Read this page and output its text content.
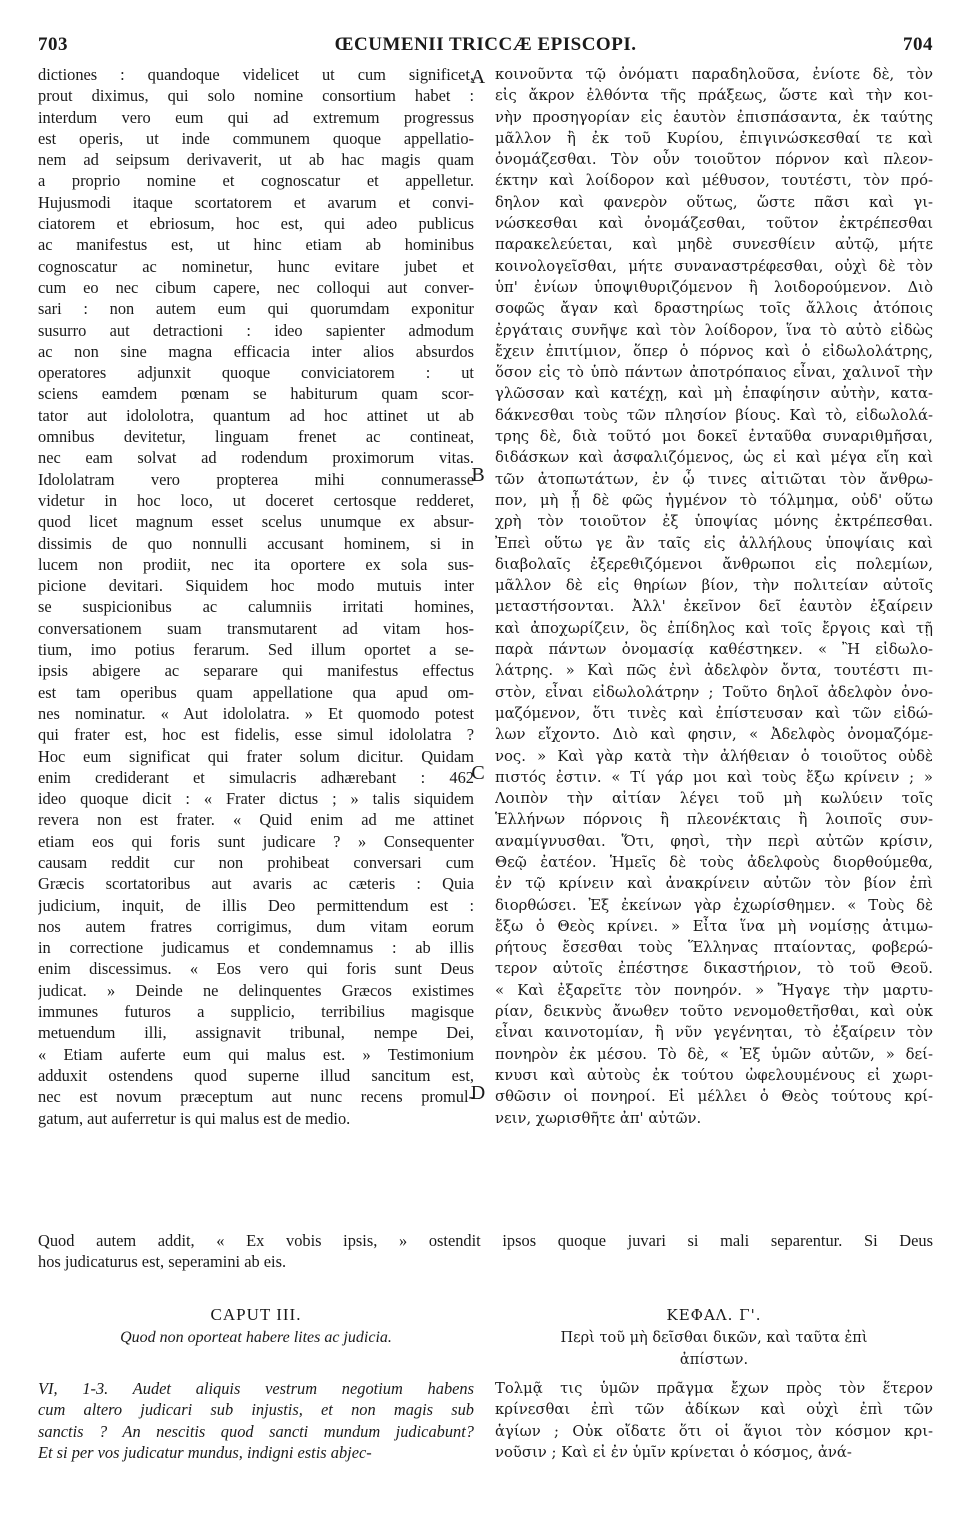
703	ŒCUMENII TRICCÆ EPISCOPI.	704
dictiones : quandoque videlicet ut cum significet,
prout diximus, qui solo nomine consortium habet :
interdum vero eum qui ad extremum progressus
est operis, ut inde communem quoque appellatio-
nem ad seipsum derivaverit, ut ab hac magis quam
a proprio nomine et cognoscatur et appelletur.
Hujusmodi itaque scortatorem et avarum et convi-
ciatorem et ebriosum, hoc est, qui adeo publicus
ac manifestus est, ut hinc etiam ab hominibus
cognoscatur ac nominetur, hunc evitare jubet et
cum eo nec cibum capere, nec colloqui aut conver-
sari : non autem eum qui quorumdam exponitur
susurro aut detractioni : ideo sapienter admodum
ac non sine magna efficacia inter alios absurdos
operatores adjunxit quoque conviciatorem : ut
sciens eamdem pœnam se habiturum quam scor-
tator aut idololotra, quantum ad hoc attinet ut ab
omnibus devitetur, linguam frenet ac contineat,
nec eam solvat ad rodendum proximorum vitas.
Idololatram vero propterea mihi connumerasse
videtur in hoc loco, ut doceret certosque redderet,
quod licet magnum esset scelus unumque ex absur-
dissimis de quo nonnulli accusant hominem, si in
lucem non prodiit, nec ita oportere ex sola sus-
picione devitari. Siquidem hoc modo mutuis inter
se suspicionibus ac calumniis irritati homines,
conversationem suam transmutarent ad vitam hos-
tium, imo potius ferarum. Sed illum oportet a se-
ipsis abigere ac separare qui manifestus effectus
est tam operibus quam appellatione qua apud om-
nes nominatur. « Aut idololatra. » Et quomodo potest
qui frater est, hoc est fidelis, esse simul idololatra ?
Hoc eum significat qui frater solum dicitur. Quidam
enim crediderant et simulacris adhærebant : 462
ideo quoque dicit : « Frater dictus ; » talis siquidem
revera non est frater. « Quid enim ad me attinet
etiam eos qui foris sunt judicare ? » Consequenter
causam reddit cur non prohibeat conversari cum
Græcis scortatoribus aut avaris ac cæteris : Quia
judicium, inquit, de illis Deo permittendum est :
nos autem fratres corrigimus, dum vitam eorum
in correctione judicamus et condemnamus : ab illis
enim discessimus. « Eos vero qui foris sunt Deus
judicat. » Deinde ne delinquentes Græcos existimes
immunes futuros a supplicio, terribilius magisque
metuendum illi, assignavit tribunal, nempe Dei,
« Etiam auferte eum qui malus est. » Testimonium
adduxit ostendens quod superne illud sancitum est,
nec est novum præceptum aut nunc recens promul-
gatum, aut auferretur is qui malus est de medio.
κοινοῦντα τῷ ὀνόματι παραδηλοῦσα, ἐνίοτε δὲ, τὸν
εἰς ἄκρον ἐλθόντα τῆς πράξεως, ὥστε καὶ τὴν κοι-
νὴν προσηγορίαν εἰς ἑαυτὸν ἐπισπάσαντα, ἐκ ταύτης
μᾶλλον ἢ ἐκ τοῦ Κυρίου, ἐπιγινώσκεσθαί τε καὶ
ὀνομάζεσθαι. Τὸν οὖν τοιοῦτον πόρνον καὶ πλεον-
έκτην καὶ λοίδορον καὶ μέθυσον, τουτέστι, τὸν πρό-
δηλον καὶ φανερὸν οὕτως, ὥστε πᾶσι καὶ γι-
νώσκεσθαι καὶ ὀνομάζεσθαι, τοῦτον ἐκτρέπεσθαι
παρακελεύεται, καὶ μηδὲ συνεσθίειν αὐτῷ, μήτε
κοινολογεῖσθαι, μήτε συναναστρέφεσθαι, οὐχὶ δὲ τὸν
ὑπ' ἐνίων ὑποψιθυριζόμενον ἢ λοιδορούμενον. Διὸ
σοφῶς ἄγαν καὶ δραστηρίως τοῖς ἄλλοις ἀτόποις
ἐργάταις συνῆψε καὶ τὸν λοίδορον, ἵνα τὸ αὐτὸ εἰδὼς
ἔχειν ἐπιτίμιον, ὅπερ ὁ πόρνος καὶ ὁ εἰδωλολάτρης,
ὅσον εἰς τὸ ὑπὸ πάντων ἀποτρόπαιος εἶναι, χαλινοῖ τὴν
γλῶσσαν καὶ κατέχῃ, καὶ μὴ ἐπαφίησιν αὐτὴν, κατα-
δάκνεσθαι τοὺς τῶν πλησίον βίους. Καὶ τὸ, εἰδωλολά-
τρης δὲ, διὰ τοῦτό μοι δοκεῖ ἐνταῦθα συναριθμῆσαι,
διδάσκων καὶ ἀσφαλιζόμενος, ὡς εἰ καὶ μέγα εἴη καὶ
τῶν ἀτοπωτάτων, ἐν ᾧ τινες αἰτιῶται τὸν ἄνθρω-
πον, μὴ ᾖ δὲ φῶς ἠγμένον τὸ τόλμημα, οὐδ' οὕτω
χρὴ τὸν τοιοῦτον ἐξ ὑποψίας μόνης ἐκτρέπεσθαι.
Ἐπεὶ οὕτω γε ἂν ταῖς εἰς ἀλλήλους ὑποψίαις καὶ
διαβολαῖς ἐξερεθιζόμενοι ἄνθρωποι εἰς πολεμίων,
μᾶλλον δὲ εἰς θηρίων βίον, τὴν πολιτείαν αὐτοῖς
μεταστήσονται. Ἀλλ' ἐκεῖνον δεῖ ἑαυτὸν ἐξαίρειν
καὶ ἀποχωρίζειν, ὃς ἐπίδηλος καὶ τοῖς ἔργοις καὶ τῇ
παρὰ πάντων ὀνομασίᾳ καθέστηκεν. « Ἢ εἰδωλο-
λάτρης. » Καὶ πῶς ἐνὶ ἀδελφὸν ὄντα, τουτέστι πι-
στὸν, εἶναι εἰδωλολάτρην ; Τοῦτο δηλοῖ ἀδελφὸν ὀνο-
μαζόμενον, ὅτι τινὲς καὶ ἐπίστευσαν καὶ τῶν εἰδώ-
λων εἴχοντο. Διὸ καὶ φησιν, « Ἀδελφὸς ὀνομαζόμε-
νος. » Καὶ γὰρ κατὰ τὴν ἀλήθειαν ὁ τοιοῦτος οὐδὲ
πιστός ἐστιν. « Τί γάρ μοι καὶ τοὺς ἔξω κρίνειν ; »
Λοιπὸν τὴν αἰτίαν λέγει τοῦ μὴ κωλύειν τοῖς
Ἑλλήνων πόρνοις ἢ πλεονέκταις ἢ λοιποῖς συν-
αναμίγνυσθαι. Ὅτι, φησὶ, τὴν περὶ αὐτῶν κρίσιν,
Θεῷ ἐατέον. Ἡμεῖς δὲ τοὺς ἀδελφοὺς διορθούμεθα,
ἐν τῷ κρίνειν καὶ ἀνακρίνειν αὐτῶν τὸν βίον ἐπὶ
διορθώσει. Ἐξ ἐκείνων γὰρ ἐχωρίσθημεν. « Τοὺς δὲ
ἔξω ὁ Θεὸς κρίνει. » Εἶτα ἵνα μὴ νομίσῃς ἀτιμω-
ρήτους ἔσεσθαι τοὺς Ἕλληνας πταίοντας, φοβερώ-
τερον αὐτοῖς ἐπέστησε δικαστήριον, τὸ τοῦ Θεοῦ.
« Καὶ ἐξαρεῖτε τὸν πονηρόν. » Ἤγαγε τὴν μαρτυ-
ρίαν, δεικνὺς ἄνωθεν τοῦτο νενομοθετῆσθαι, καὶ οὐκ
εἶναι καινοτομίαν, ἢ νῦν γεγένηται, τὸ ἐξαίρειν τὸν
πονηρὸν ἐκ μέσου. Τὸ δὲ, « Ἐξ ὑμῶν αὐτῶν, » δεί-
κνυσι καὶ αὐτοὺς ἐκ τούτου ὠφελουμένους εἰ χωρι-
σθῶσιν οἱ πονηροί. Εἰ μέλλει ὁ Θεὸς τούτους κρί-
νειν, χωρισθῆτε ἀπ' αὐτῶν.
A
B
C
D
Quod autem addit, « Ex vobis ipsis, » ostendit ipsos quoque juvari si mali separentur. Si Deus
hos judicaturus est, seperamini ab eis.
CAPUT III.
Quod non oporteat habere lites ac judicia.
ΚΕΦΑΛ. Γ'.
Περὶ τοῦ μὴ δεῖσθαι δικῶν, καὶ ταῦτα ἐπὶ
ἀπίστων.
VI, 1-3. Audet aliquis vestrum negotium habens
cum altero judicari sub injustis, et non magis sub
sanctis ? An nescitis quod sancti mundum judicabunt?
Et si per vos judicatur mundus, indigni estis abjec-
Τολμᾷ τις ὑμῶν πρᾶγμα ἔχων πρὸς τὸν ἕτερον
κρίνεσθαι ἐπὶ τῶν ἀδίκων καὶ οὐχὶ ἐπὶ τῶν
ἁγίων ; Οὐκ οἴδατε ὅτι οἱ ἅγιοι τὸν κόσμον κρι-
νοῦσιν ; Καὶ εἰ ἐν ὑμῖν κρίνεται ὁ κόσμος, ἀνά-
